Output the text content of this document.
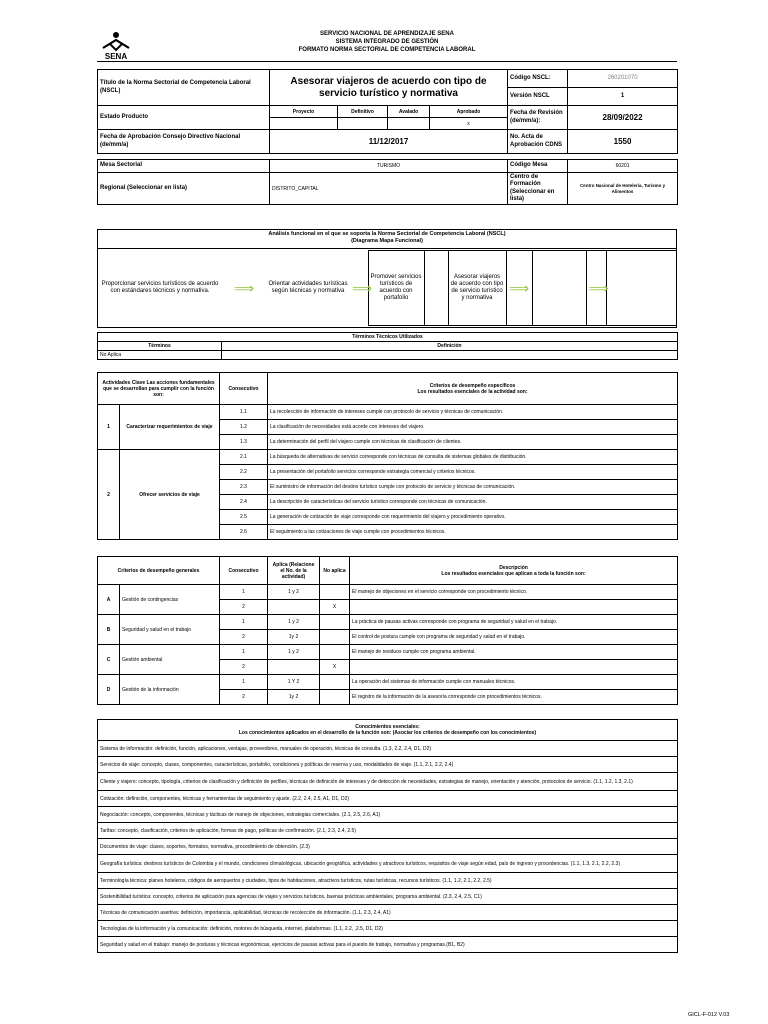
SENA
SERVICIO NACIONAL DE APRENDIZAJE SENA
SISTEMA INTEGRADO DE GESTIÓN
FORMATO NORMA SECTORIAL DE COMPETENCIA LABORAL
Título de la Norma Sectorial de Competencia Laboral (NSCL)	Asesorar viajeros de acuerdo con tipo de servicio turístico y normativa				Código NSCL:	260201070
					Versión NSCL	1
Estado Producto	Proyecto	Definitivo	Avalado	Aprobado	Fecha de Revisión (de/mm/a):	28/09/2022
				x		
Fecha de Aprobación Consejo Directivo Nacional (de/mm/a)	11/12/2017				No. Acta de Aprobación CDNS	1550

Mesa Sectorial	TURISMO				Código Mesa	60201
Regional (Seleccionar en lista)	DISTRITO_CAPITAL				Centro de Formación (Seleccionar en lista)	Centro Nacional de Hotelería, Turismo y Alimentos
Análisis funcional en el que se soporta la Norma Sectorial de Competencia Laboral (NSCL)
(Diagrama Mapa Funcional)
Proporcionar servicios turísticos de acuerdo con estándares técnicos y normativa.	⟹	Orientar actividades turísticas según técnicas y normativa	⟹	Promover servicios turísticos de acuerdo con portafolio		Asesorar viajeros de acuerdo con tipo de servicio turístico y normativa	⟹		⟹	
Términos Técnicos Utilizados	
Términos	Definición
No Aplica	
Actividades Clave Las acciones fundamentales que se desarrollan para cumplir con la función son:		Consecutivo	Criterios de desempeño específicos
Los resultados esenciales de la actividad son:

1	Caracterizar requerimientos de viaje	1.1	La recolección de información de intereses cumple con protocolo de servicio y técnicas de comunicación.
		1.2	La clasificación de necesidades está acorde con intereses del viajero.
		1.3	La determinación del perfil del viajero cumple con técnicas de clasificación de clientes.
2	Ofrecer servicios de viaje	2.1	La búsqueda de alternativas de servicio corresponde con técnicas de consulta de sistemas globales de distribución.
		2.2	La presentación del portafolio servicios corresponde estrategia comercial y criterios técnicos.
		2.3	El suministro de información del destino turístico cumple con protocolo de servicio y técnicas de comunicación.
		2.4	La descripción de características del servicio turístico corresponde con técnicas de comunicación.
		2.5	La generación de cotización de viaje corresponde con requerimiento del viajero y procedimiento operativo.
		2.6	El seguimiento a las cotizaciones de viaje cumple con procedimientos técnicos.
Criterios de desempeño generales		Consecutivo	Aplica (Relacione el No. de la actividad)	No aplica	Descripción
Los resultados esenciales que aplican a toda la función son:

A	Gestión de contingencias	1	1 y 2		El manejo de objeciones en el servicio corresponde con procedimiento técnico.
		2		X	
B	Seguridad y salud en el trabajo	1	1 y 2		La práctica de pausas activas corresponde con programa de seguridad y salud en el trabajo.
		2	1y 2		El control de postura cumple con programa de seguridad y salud en el trabajo.
C	Gestión ambiental	1	1 y 2		El manejo de residuos cumple con programa ambiental.
		2		X	
D	Gestión de la información	1	1 Y 2		La operación del sistemas de información cumple con manuales técnicos.
		2	1y 2		El registro de la información de la asesoría corresponde con procedimientos técnicos.
Conocimientos esenciales:
Los conocimientos aplicados en el desarrollo de la función son: (Asociar los criterios de desempeño con los conocimientos)

Sistema de información: definición, función, aplicaciones, ventajas, proveedores, manuales de operación, técnicas de consulta. (1.3, 2.2, 2.4, D1, D2)
Servicios de viaje: concepto, clases, componentes, características, portafolio, condiciones y políticas de reserva y uso, modalidades de viaje. (1.1, 2.1, 2.2, 2.4)
Cliente y viajero: concepto, tipología, criterios de clasificación y definición de perfiles, técnicas de definición de intereses y de detección de necesidades, estrategias de manejo, orientación y atención, protocolos de servicio. (1.1, 1.2, 1.3, 2.1)
Cotización: definición, componentes, técnicas y herramientas de seguimiento y ajuste. (2.2, 2.4, 2.5, A1, D1, D2)
Negociación: concepto, componentes, técnicas y tácticas de manejo de objeciones, estrategias comerciales. (2.1, 2.5, 2.6, A1)
Tarifas: concepto, clasificación, criterios de aplicación, formas de pago, políticas de confirmación. (2.1, 2.3, 2.4, 2.5)
Documentos de viaje: clases, soportes, formatos, normativa, procedimiento de obtención. (2.3)
Geografía turística: destinos turísticos de Colombia y el mundo, condiciones climatológicas, ubicación geográfica, actividades y atractivos turísticos, requisitos de viaje según edad, país de ingreso y procedencias. (1.1, 1.3, 2.1, 2.2, 2.3)
Terminología técnica: planes hoteleros, códigos de aeropuertos y ciudades, tipos de habitaciones, atractivos turísticos, rutas turísticas, recursos turísticos. (1.1, 1.2, 2.1, 2.2, 2.5)
Sostenibilidad turística: concepto, criterios de aplicación para agencias de viajes y servicios turísticos, buenas prácticas ambientales, programa ambiental. (2.3, 2.4, 2.5, C1)
Técnicas de comunicación asertiva: definición, importancia, aplicabilidad, técnicas de recolección de información. (1.1, 2.3, 2.4, A1)
Tecnologías de la información y la comunicación: definición, motores de búsqueda, internet, plataformas. (1.1, 2.2, ,2.5, D1, D2)
Seguridad y salud en el trabajo: manejo de posturas y técnicas ergonómicas, ejercicios de pausas activas para el puesto de trabajo, normativa y programas.(B1, B2)
GICL-F-012 V.03
